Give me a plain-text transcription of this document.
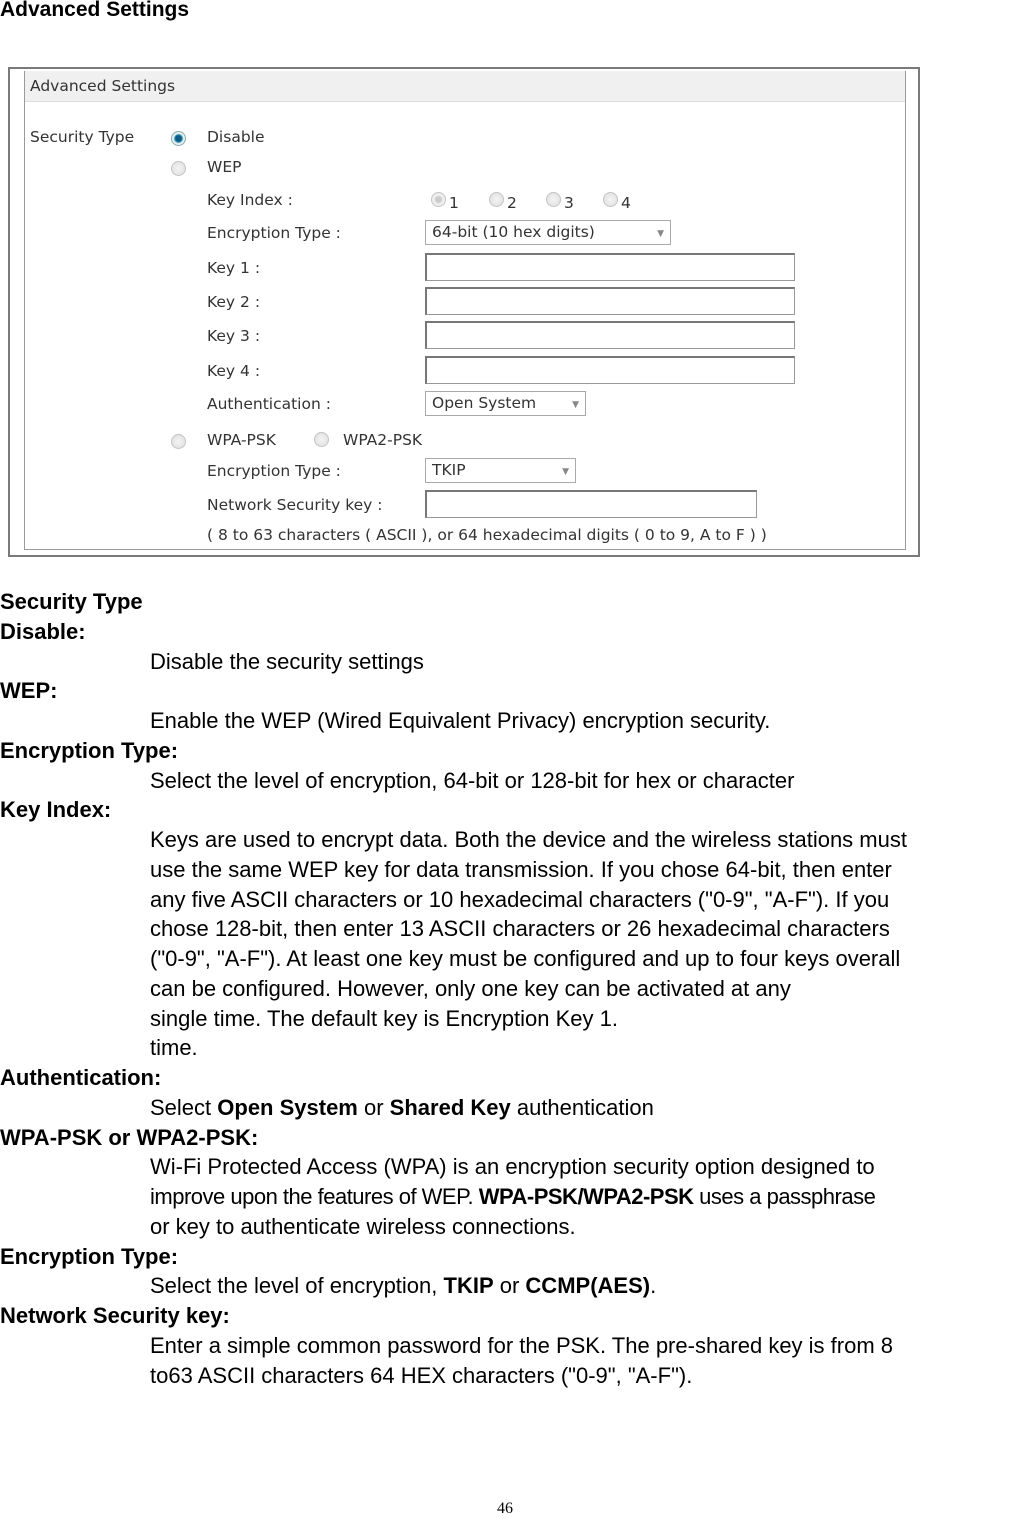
Advanced Settings
Advanced Settings
Security Type	Disable
WEP
Key Index :	1	2	3	4
Encryption Type :	64-bit (10 hex digits)	▼
Key 1 :
Key 2 :
Key 3 :
Key 4 :
Authentication :	Open System	▼
WPA-PSK	WPA2-PSK
Encryption Type :	TKIP	▼
Network Security key :
( 8 to 63 characters ( ASCII ), or 64 hexadecimal digits ( 0 to 9, A to F ) )
Security Type
Disable:
Disable the security settings
WEP:
Enable the WEP (Wired Equivalent Privacy) encryption security.
Encryption Type:
Select the level of encryption, 64-bit or 128-bit for hex or character
Key Index:
Keys are used to encrypt data. Both the device and the wireless stations must
use the same WEP key for data transmission. If you chose 64-bit, then enter
any five ASCII characters or 10 hexadecimal characters ("0-9", "A-F"). If you
chose 128-bit, then enter 13 ASCII characters or 26 hexadecimal characters
("0-9", "A-F"). At least one key must be configured and up to four keys overall
can be configured. However, only one key can be activated at any
single time. The default key is Encryption Key 1.
time.
Authentication:
Select Open System or Shared Key authentication
WPA-PSK or WPA2-PSK:
Wi-Fi Protected Access (WPA) is an encryption security option designed to
improve upon the features of WEP. WPA-PSK/WPA2-PSK uses a passphrase
or key to authenticate wireless connections.
Encryption Type:
Select the level of encryption, TKIP or CCMP(AES).
Network Security key:
Enter a simple common password for the PSK. The pre-shared key is from 8
to63 ASCII characters 64 HEX characters ("0-9", "A-F").
46
